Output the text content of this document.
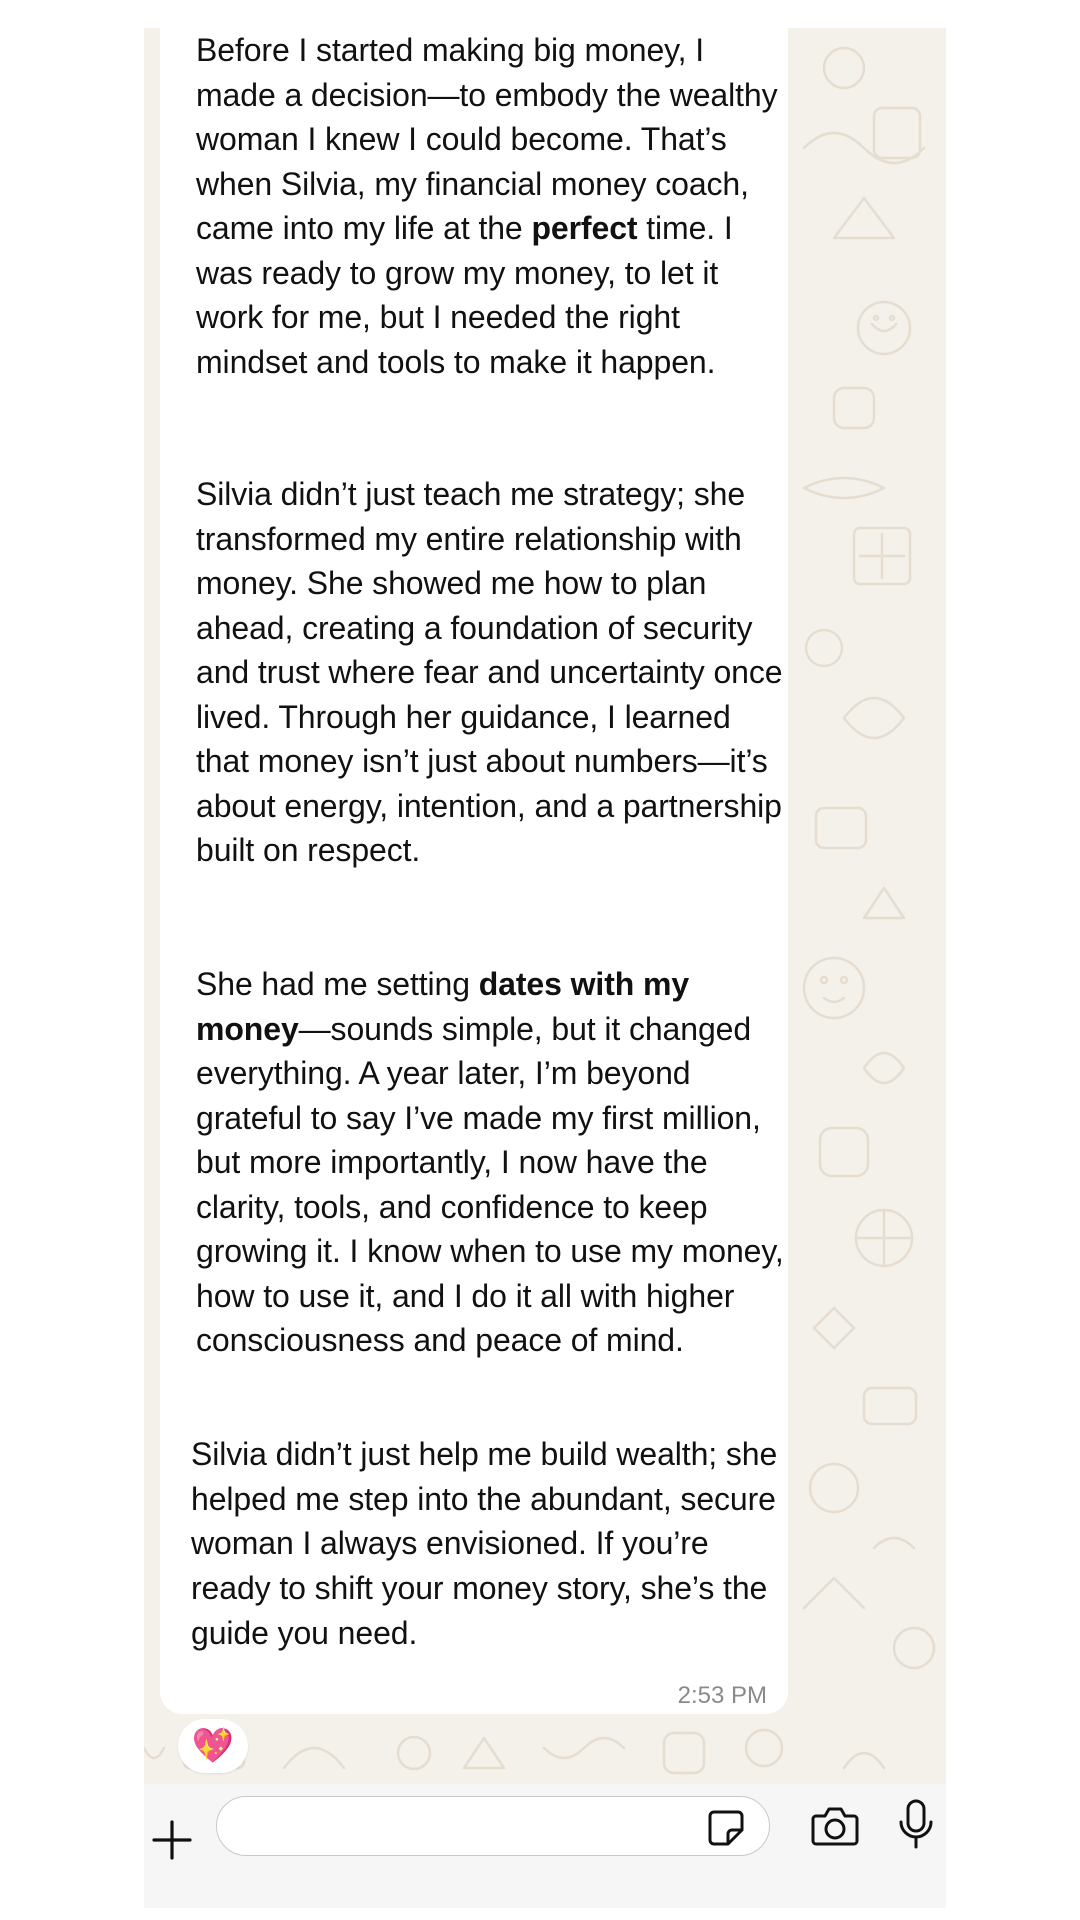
Before I started making big money, I made a decision—to embody the wealthy woman I knew I could become. That’s when Silvia, my financial money coach, came into my life at the perfect time. I was ready to grow my money, to let it work for me, but I needed the right mindset and tools to make it happen.

Silvia didn’t just teach me strategy; she transformed my entire relationship with money. She showed me how to plan ahead, creating a foundation of security and trust where fear and uncertainty once lived. Through her guidance, I learned that money isn’t just about numbers—it’s about energy, intention, and a partnership built on respect.

She had me setting dates with my money—sounds simple, but it changed everything. A year later, I’m beyond grateful to say I’ve made my first million, but more importantly, I now have the clarity, tools, and confidence to keep growing it. I know when to use my money, how to use it, and I do it all with higher consciousness and peace of mind.

Silvia didn’t just help me build wealth; she helped me step into the abundant, secure woman I always envisioned. If you’re ready to shift your money story, she’s the guide you need.

2:53 PM
💖
